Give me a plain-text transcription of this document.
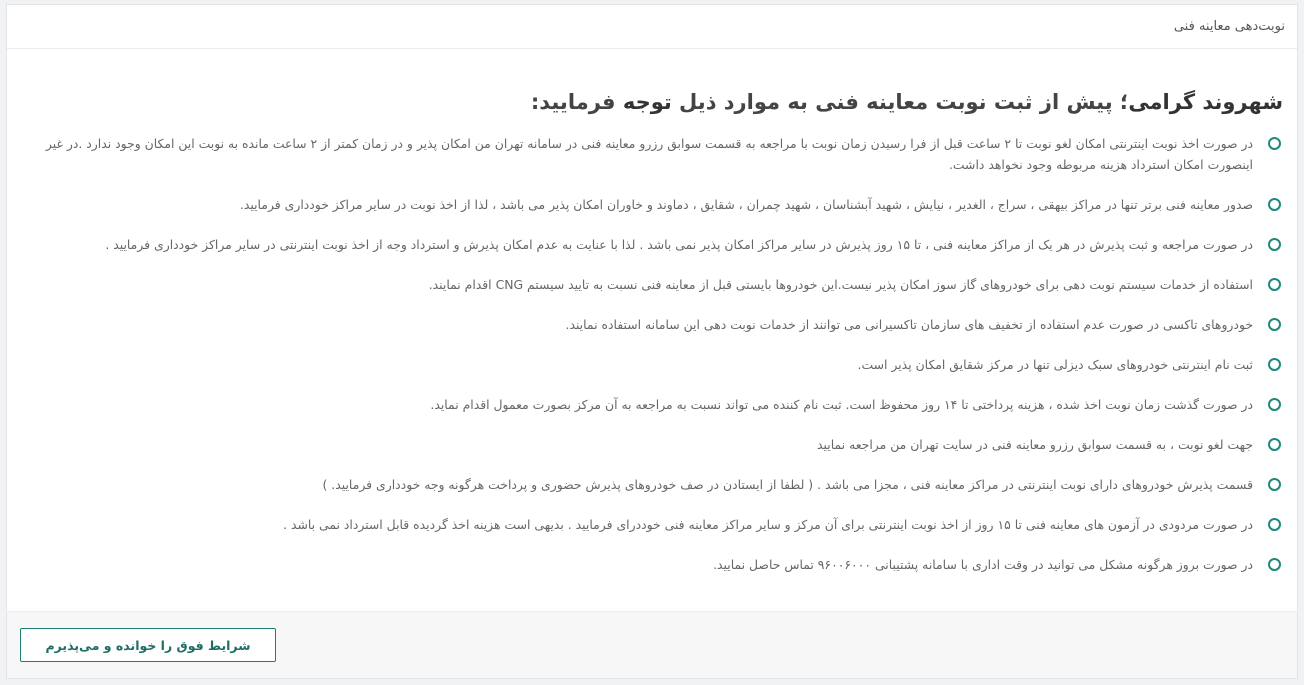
نوبت‌دهی معاینه فنی
شهروند گرامی؛ پیش از ثبت نوبت معاینه فنی به موارد ذیل توجه فرمایید:
در صورت اخذ نوبت اینترنتی امکان لغو نوبت تا ۲ ساعت قبل از فرا رسیدن زمان نوبت با مراجعه به قسمت سوابق رزرو معاینه فنی در سامانه تهران من امکان پذیر و در زمان کمتر از ۲ ساعت مانده به نوبت این امکان وجود ندارد .در غیر اینصورت امکان استرداد هزینه مربوطه وجود نخواهد داشت.
صدور معاینه فنی برتر تنها در مراکز بیهقی ، سراج ، الغدیر ، نیایش ، شهید آبشناسان ، شهید چمران ، شقایق ، دماوند و خاوران امکان پذیر می باشد ، لذا از اخذ نوبت در سایر مراکز خودداری فرمایید.
در صورت مراجعه و ثبت پذیرش در هر یک از مراکز معاینه فنی ، تا ۱۵ روز پذیرش در سایر مراکز امکان پذیر نمی باشد . لذا با عنایت به عدم امکان پذیرش و استرداد وجه از اخذ نوبت اینترنتی در سایر مراکز خودداری فرمایید .
استفاده از خدمات سیستم نوبت دهی برای خودروهای گاز سوز امکان پذیر نیست.این خودروها بایستی قبل از معاینه فنی نسبت به تایید سیستم CNG اقدام نمایند.
خودروهای تاکسی در صورت عدم استفاده از تخفیف های سازمان تاکسیرانی می توانند از خدمات نوبت دهی این سامانه استفاده نمایند.
ثبت نام اینترنتی خودروهای سبک دیزلی تنها در مرکز شقایق امکان پذیر است.
در صورت گذشت زمان نوبت اخذ شده ، هزینه پرداختی تا ۱۴ روز محفوظ است. ثبت نام کننده می تواند نسبت به مراجعه به آن مرکز بصورت معمول اقدام نماید.
جهت لغو نوبت ، به قسمت سوابق رزرو معاینه فنی در سایت تهران من مراجعه نمایید
قسمت پذیرش خودروهای دارای نوبت اینترنتی در مراکز معاینه فنی ، مجزا می باشد . ( لطفا از ایستادن در صف خودروهای پذیرش حضوری و پرداخت هرگونه وجه خودداری فرمایید. )
در صورت مردودی در آزمون های معاینه فنی تا ۱۵ روز از اخذ نوبت اینترنتی برای آن مرکز و سایر مراکز معاینه فنی خوددرای فرمایید . بدیهی است هزینه اخذ گردیده قابل استرداد نمی باشد .
در صورت بروز هرگونه مشکل می توانید در وقت اداری با سامانه پشتیبانی ۹۶۰۰۶۰۰۰ تماس حاصل نمایید.
شرایط فوق را خوانده و می‌پذیرم
